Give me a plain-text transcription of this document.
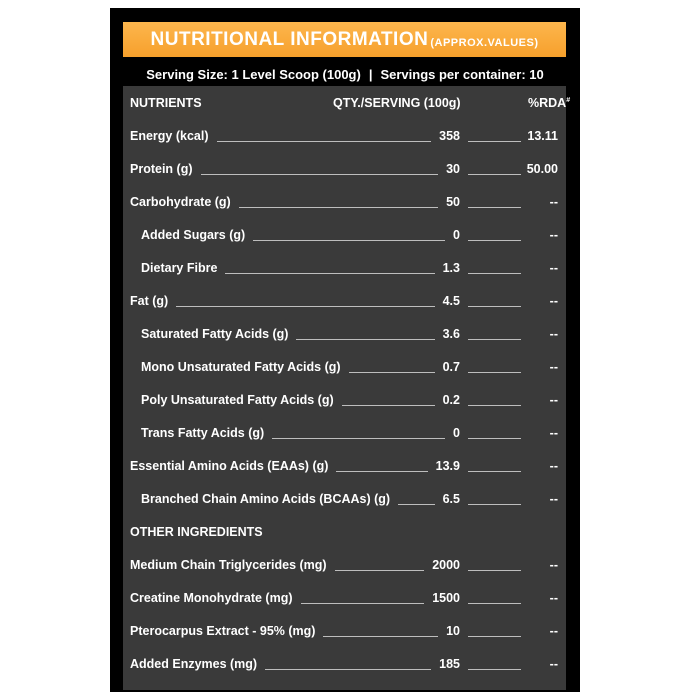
NUTRITIONAL INFORMATION (APPROX.VALUES)
Serving Size: 1 Level Scoop (100g) | Servings per container: 10
NUTRIENTS	QTY./SERVING (100g)	%RDA#
Energy (kcal)	358	13.11
Protein (g)	30	50.00
Carbohydrate (g)	50	--
Added Sugars (g)	0	--
Dietary Fibre	1.3	--
Fat (g)	4.5	--
Saturated Fatty Acids (g)	3.6	--
Mono Unsaturated Fatty Acids (g)	0.7	--
Poly Unsaturated Fatty Acids (g)	0.2	--
Trans Fatty Acids (g)	0	--
Essential Amino Acids (EAAs) (g)	13.9	--
Branched Chain Amino Acids (BCAAs) (g)	6.5	--
OTHER INGREDIENTS
Medium Chain Triglycerides (mg)	2000	--
Creatine Monohydrate (mg)	1500	--
Pterocarpus Extract - 95% (mg)	10	--
Added Enzymes (mg)	185	--
